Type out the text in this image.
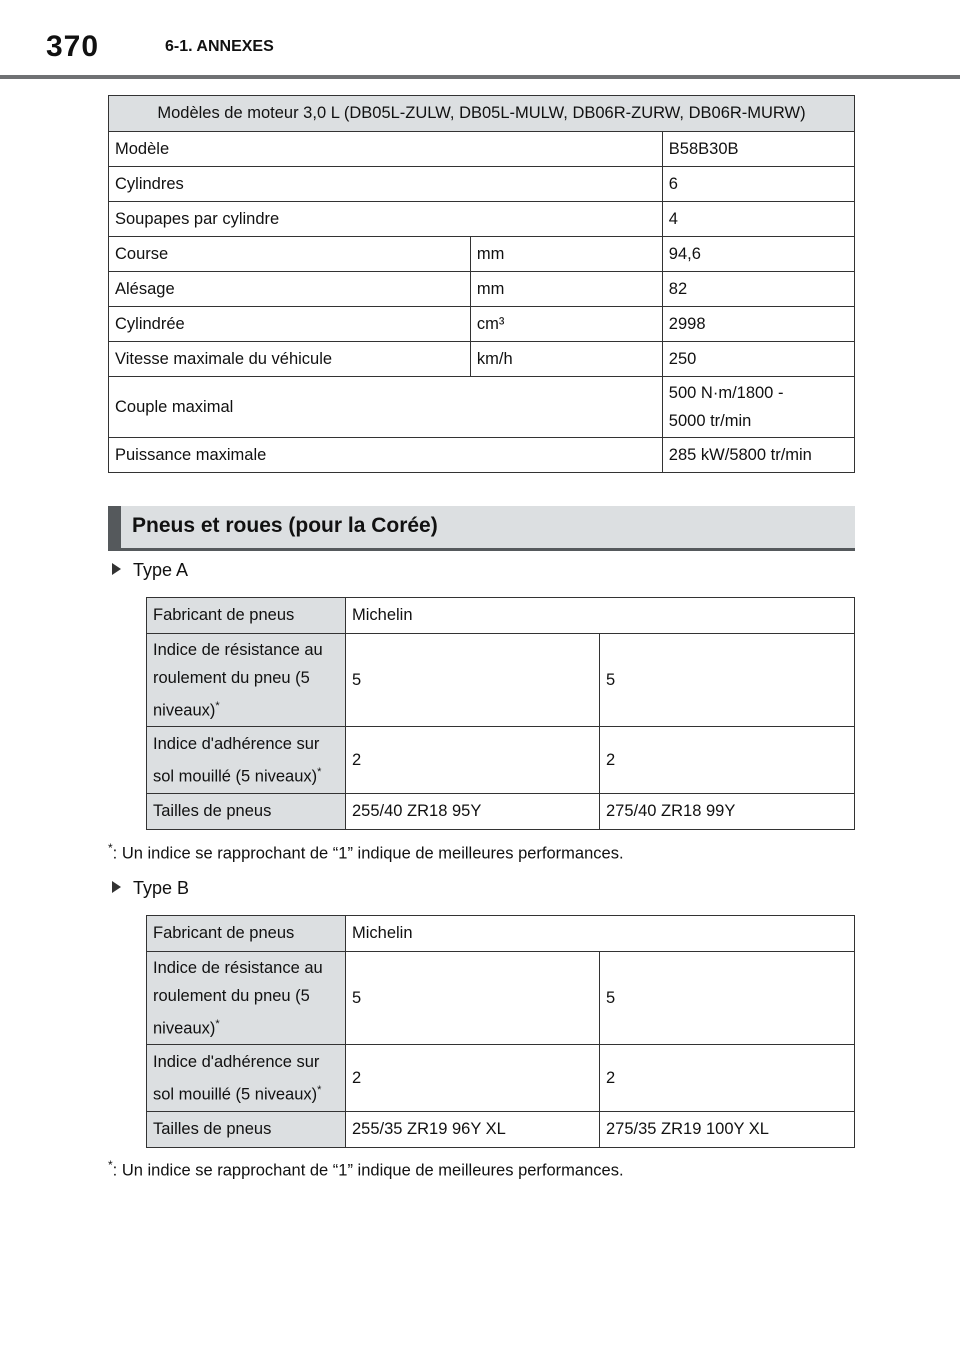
370	6-1. ANNEXES
Modèles de moteur 3,0 L (DB05L-ZULW, DB05L-MULW, DB06R-ZURW, DB06R-MURW)		
Modèle		B58B30B
Cylindres		6
Soupapes par cylindre		4
Course	mm	94,6
Alésage	mm	82
Cylindrée	cm³	2998
Vitesse maximale du véhicule	km/h	250
Couple maximal		500 N·m/1800 -
5000 tr/min

Puissance maximale		285 kW/5800 tr/min
Pneus et roues (pour la Corée)
Type A
Fabricant de pneus	Michelin	

Indice de résistance au
roulement du pneu (5
niveaux)*	5	5

Indice d'adhérence sur
sol mouillé (5 niveaux)*	2	2
Tailles de pneus	255/40 ZR18 95Y	275/40 ZR18 99Y
*: Un indice se rapprochant de “1” indique de meilleures performances.
Type B
Fabricant de pneus	Michelin	

Indice de résistance au
roulement du pneu (5
niveaux)*	5	5

Indice d'adhérence sur
sol mouillé (5 niveaux)*	2	2
Tailles de pneus	255/35 ZR19 96Y XL	275/35 ZR19 100Y XL
*: Un indice se rapprochant de “1” indique de meilleures performances.
